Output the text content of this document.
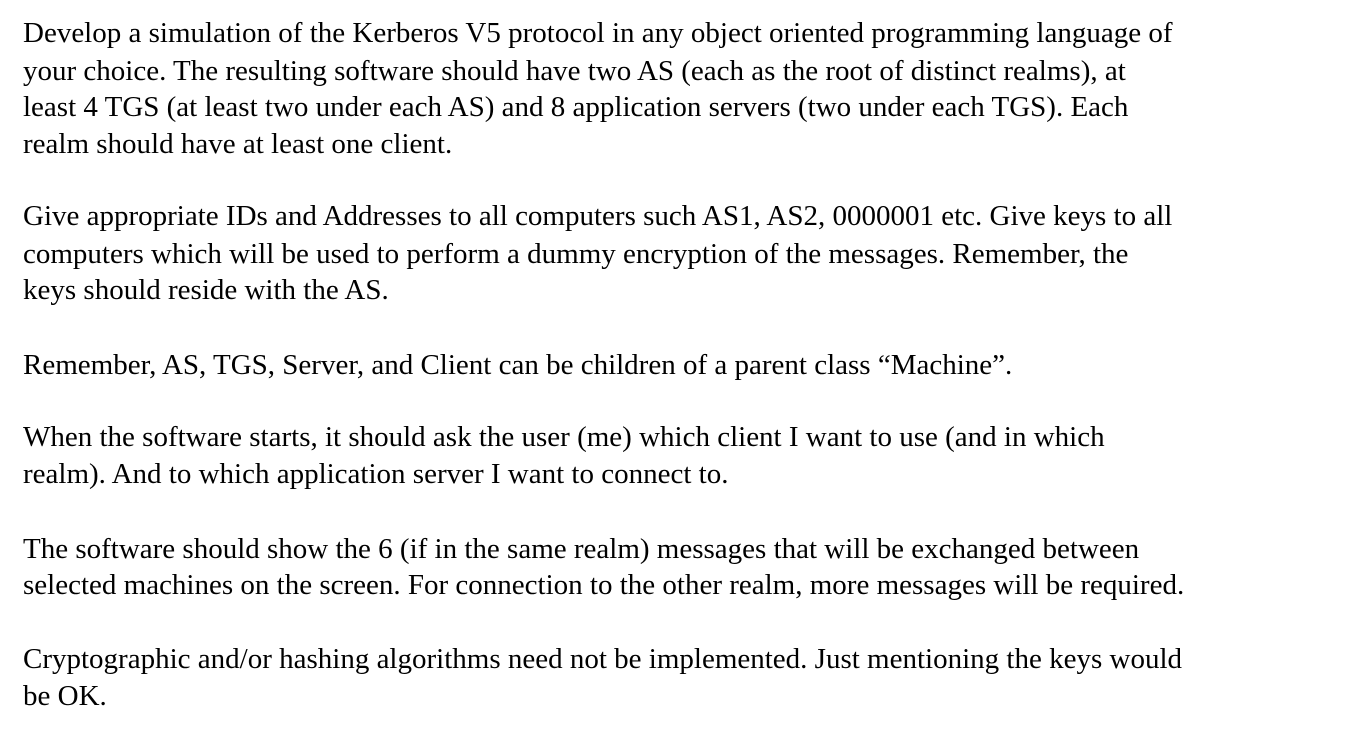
Develop a simulation of the Kerberos V5 protocol in any object oriented programming language of
your choice. The resulting software should have two AS (each as the root of distinct realms), at
least 4 TGS (at least two under each AS) and 8 application servers (two under each TGS). Each
realm should have at least one client.
Give appropriate IDs and Addresses to all computers such AS1, AS2, 0000001 etc. Give keys to all
computers which will be used to perform a dummy encryption of the messages. Remember, the
keys should reside with the AS.
Remember, AS, TGS, Server, and Client can be children of a parent class “Machine”.
When the software starts, it should ask the user (me) which client I want to use (and in which
realm). And to which application server I want to connect to.
The software should show the 6 (if in the same realm) messages that will be exchanged between
selected machines on the screen. For connection to the other realm, more messages will be required.
Cryptographic and/or hashing algorithms need not be implemented. Just mentioning the keys would
be OK.
